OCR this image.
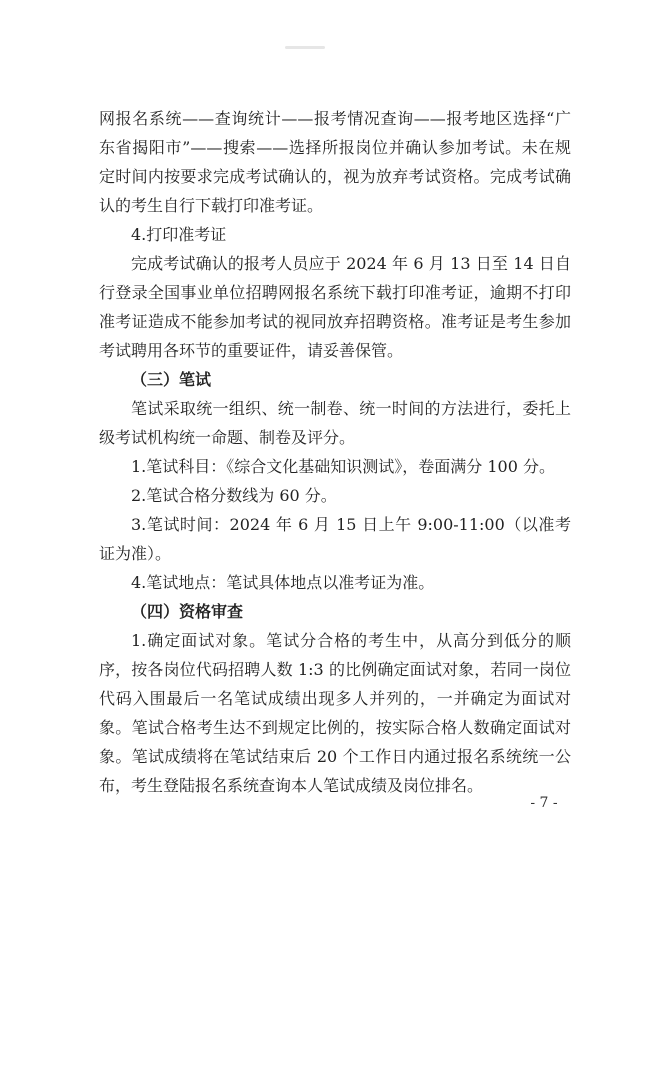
网报名系统——查询统计——报考情况查询——报考地区选择“广东省揭阳市”——搜索——选择所报岗位并确认参加考试。未在规定时间内按要求完成考试确认的，视为放弃考试资格。完成考试确认的考生自行下载打印准考证。

4.打印准考证

完成考试确认的报考人员应于 2024 年 6 月 13 日至 14 日自行登录全国事业单位招聘网报名系统下载打印准考证，逾期不打印准考证造成不能参加考试的视同放弃招聘资格。准考证是考生参加考试聘用各环节的重要证件，请妥善保管。

（三）笔试

笔试采取统一组织、统一制卷、统一时间的方法进行，委托上级考试机构统一命题、制卷及评分。

1.笔试科目：《综合文化基础知识测试》，卷面满分 100 分。

2.笔试合格分数线为 60 分。

3.笔试时间：2024 年 6 月 15 日上午 9:00-11:00（以准考证为准）。

4.笔试地点：笔试具体地点以准考证为准。

（四）资格审查

1.确定面试对象。笔试分合格的考生中，从高分到低分的顺序，按各岗位代码招聘人数 1:3 的比例确定面试对象，若同一岗位代码入围最后一名笔试成绩出现多人并列的，一并确定为面试对象。笔试合格考生达不到规定比例的，按实际合格人数确定面试对象。笔试成绩将在笔试结束后 20 个工作日内通过报名系统统一公布，考生登陆报名系统查询本人笔试成绩及岗位排名。

- 7 -
